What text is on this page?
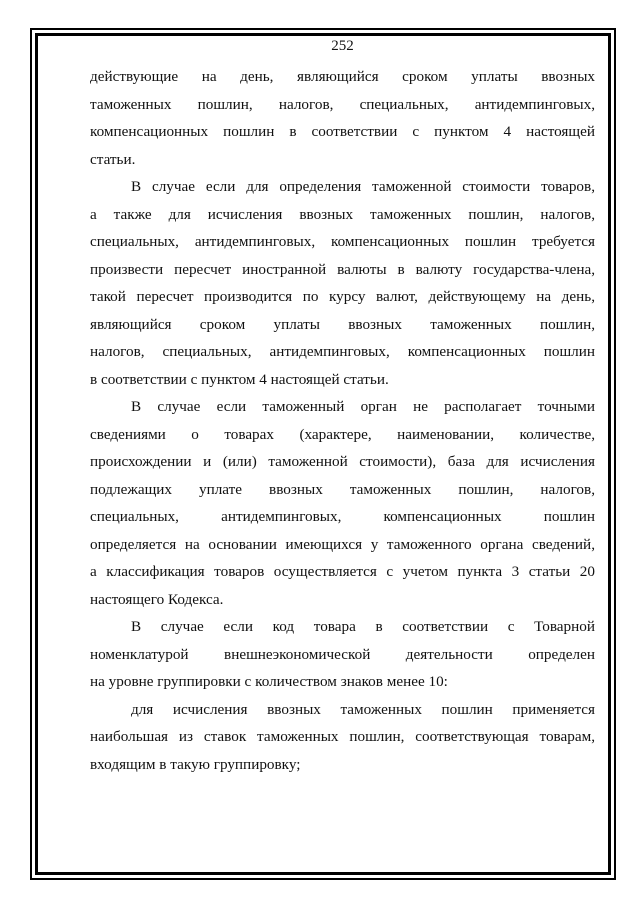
252

действующие на день, являющийся сроком уплаты ввозных
таможенных пошлин, налогов, специальных, антидемпинговых,
компенсационных пошлин в соответствии с пунктом 4 настоящей
статьи.

В случае если для определения таможенной стоимости товаров,
а также для исчисления ввозных таможенных пошлин, налогов,
специальных, антидемпинговых, компенсационных пошлин требуется
произвести пересчет иностранной валюты в валюту государства-члена,
такой пересчет производится по курсу валют, действующему на день,
являющийся сроком уплаты ввозных таможенных пошлин,
налогов, специальных, антидемпинговых, компенсационных пошлин
в соответствии с пунктом 4 настоящей статьи.

В случае если таможенный орган не располагает точными
сведениями о товарах (характере, наименовании, количестве,
происхождении и (или) таможенной стоимости), база для исчисления
подлежащих уплате ввозных таможенных пошлин, налогов,
специальных, антидемпинговых, компенсационных пошлин
определяется на основании имеющихся у таможенного органа сведений,
а классификация товаров осуществляется с учетом пункта 3 статьи 20
настоящего Кодекса.

В случае если код товара в соответствии с Товарной
номенклатурой внешнеэкономической деятельности определен
на уровне группировки с количеством знаков менее 10:

для исчисления ввозных таможенных пошлин применяется
наибольшая из ставок таможенных пошлин, соответствующая товарам,
входящим в такую группировку;
